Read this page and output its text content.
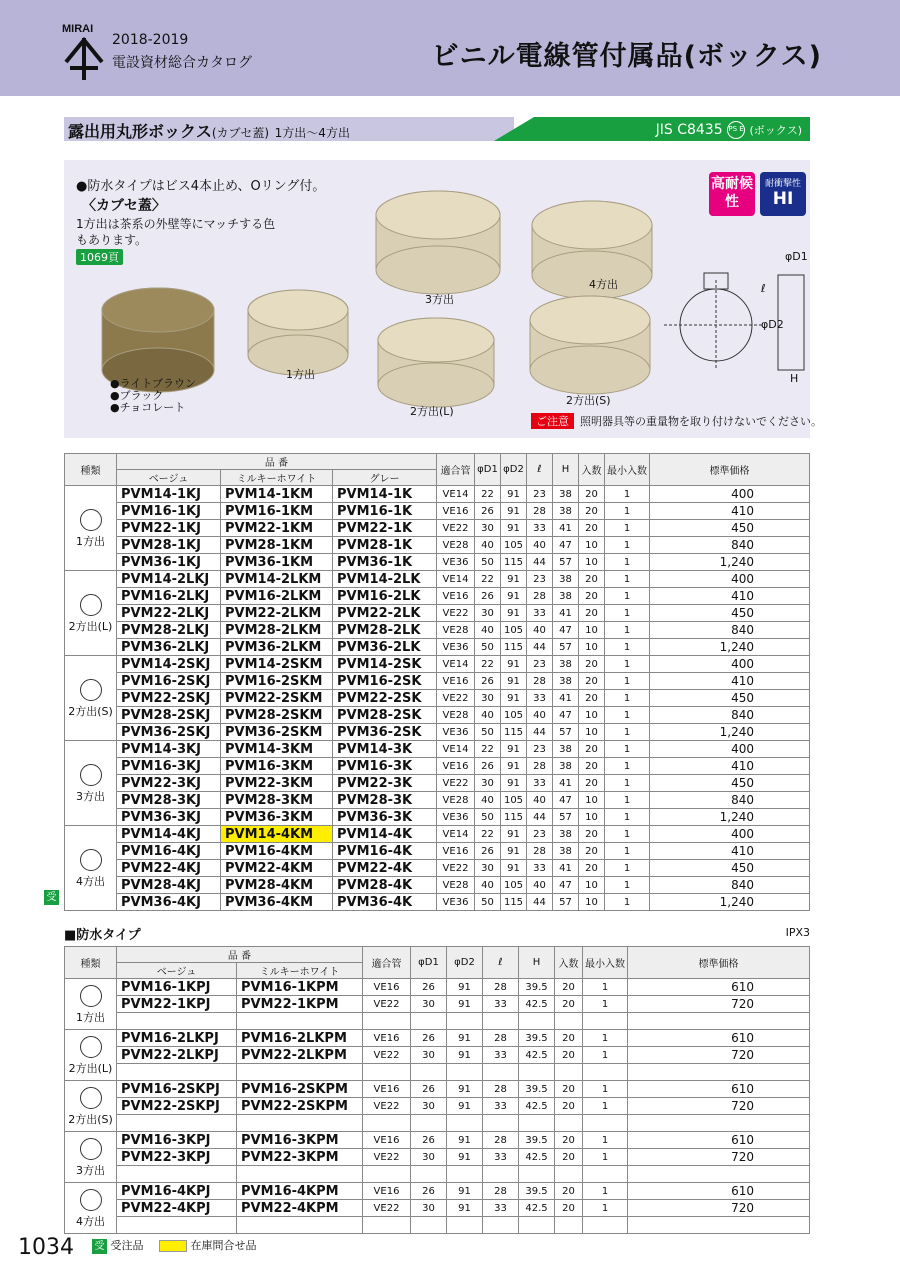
MIRAI
2018-2019
電設資材総合カタログ	ビニル電線管付属品(ボックス)
露出用丸形ボックス(カブセ蓋) 1方出〜4方出	JIS C8435 PS E (ボックス)
●防水タイプはビス4本止め、Oリング付。
〈カブセ蓋〉
1方出は茶系の外壁等にマッチする色もあります。
1069頁
●ライトブラウン
●ブラック
●チョコレート
高耐候性
耐衝撃性
HI
1方出
2方出(L)
3方出
4方出
2方出(S)
φD1
φD2
ℓ
H
ご注意	照明器具等の重量物を取り付けないでください。
種類	品 番			適合管	φD1	φD2	ℓ	H	入数	最小入数	標準価格
	ベージュ	ミルキーホワイト	グレー								

1方出	PVM14-1KJ	PVM14-1KM	PVM14-1K	VE14	22	91	23	38	20	1	400
	PVM16-1KJ	PVM16-1KM	PVM16-1K	VE16	26	91	28	38	20	1	410
	PVM22-1KJ	PVM22-1KM	PVM22-1K	VE22	30	91	33	41	20	1	450
	PVM28-1KJ	PVM28-1KM	PVM28-1K	VE28	40	105	40	47	10	1	840
	PVM36-1KJ	PVM36-1KM	PVM36-1K	VE36	50	115	44	57	10	1	1,240

2方出(L)	PVM14-2LKJ	PVM14-2LKM	PVM14-2LK	VE14	22	91	23	38	20	1	400
	PVM16-2LKJ	PVM16-2LKM	PVM16-2LK	VE16	26	91	28	38	20	1	410
	PVM22-2LKJ	PVM22-2LKM	PVM22-2LK	VE22	30	91	33	41	20	1	450
	PVM28-2LKJ	PVM28-2LKM	PVM28-2LK	VE28	40	105	40	47	10	1	840
	PVM36-2LKJ	PVM36-2LKM	PVM36-2LK	VE36	50	115	44	57	10	1	1,240

2方出(S)	PVM14-2SKJ	PVM14-2SKM	PVM14-2SK	VE14	22	91	23	38	20	1	400
	PVM16-2SKJ	PVM16-2SKM	PVM16-2SK	VE16	26	91	28	38	20	1	410
	PVM22-2SKJ	PVM22-2SKM	PVM22-2SK	VE22	30	91	33	41	20	1	450
	PVM28-2SKJ	PVM28-2SKM	PVM28-2SK	VE28	40	105	40	47	10	1	840
	PVM36-2SKJ	PVM36-2SKM	PVM36-2SK	VE36	50	115	44	57	10	1	1,240

3方出	PVM14-3KJ	PVM14-3KM	PVM14-3K	VE14	22	91	23	38	20	1	400
	PVM16-3KJ	PVM16-3KM	PVM16-3K	VE16	26	91	28	38	20	1	410
	PVM22-3KJ	PVM22-3KM	PVM22-3K	VE22	30	91	33	41	20	1	450
	PVM28-3KJ	PVM28-3KM	PVM28-3K	VE28	40	105	40	47	10	1	840
	PVM36-3KJ	PVM36-3KM	PVM36-3K	VE36	50	115	44	57	10	1	1,240

4方出	PVM14-4KJ	PVM14-4KM	PVM14-4K	VE14	22	91	23	38	20	1	400
	PVM16-4KJ	PVM16-4KM	PVM16-4K	VE16	26	91	28	38	20	1	410
	PVM22-4KJ	PVM22-4KM	PVM22-4K	VE22	30	91	33	41	20	1	450
	PVM28-4KJ	PVM28-4KM	PVM28-4K	VE28	40	105	40	47	10	1	840
	PVM36-4KJ	PVM36-4KM	PVM36-4K	VE36	50	115	44	57	10	1	1,240
受
■防水タイプ	IPX3
種類	品 番		適合管	φD1	φD2	ℓ	H	入数	最小入数	標準価格
	ベージュ	ミルキーホワイト								

1方出	PVM16-1KPJ	PVM16-1KPM	VE16	26	91	28	39.5	20	1	610
	PVM22-1KPJ	PVM22-1KPM	VE22	30	91	33	42.5	20	1	720

2方出(L)	PVM16-2LKPJ	PVM16-2LKPM	VE16	26	91	28	39.5	20	1	610
	PVM22-2LKPJ	PVM22-2LKPM	VE22	30	91	33	42.5	20	1	720

2方出(S)	PVM16-2SKPJ	PVM16-2SKPM	VE16	26	91	28	39.5	20	1	610
	PVM22-2SKPJ	PVM22-2SKPM	VE22	30	91	33	42.5	20	1	720

3方出	PVM16-3KPJ	PVM16-3KPM	VE16	26	91	28	39.5	20	1	610
	PVM22-3KPJ	PVM22-3KPM	VE22	30	91	33	42.5	20	1	720

4方出	PVM16-4KPJ	PVM16-4KPM	VE16	26	91	28	39.5	20	1	610
	PVM22-4KPJ	PVM22-4KPM	VE22	30	91	33	42.5	20	1	720

1034 受 受注品	在庫問合せ品
